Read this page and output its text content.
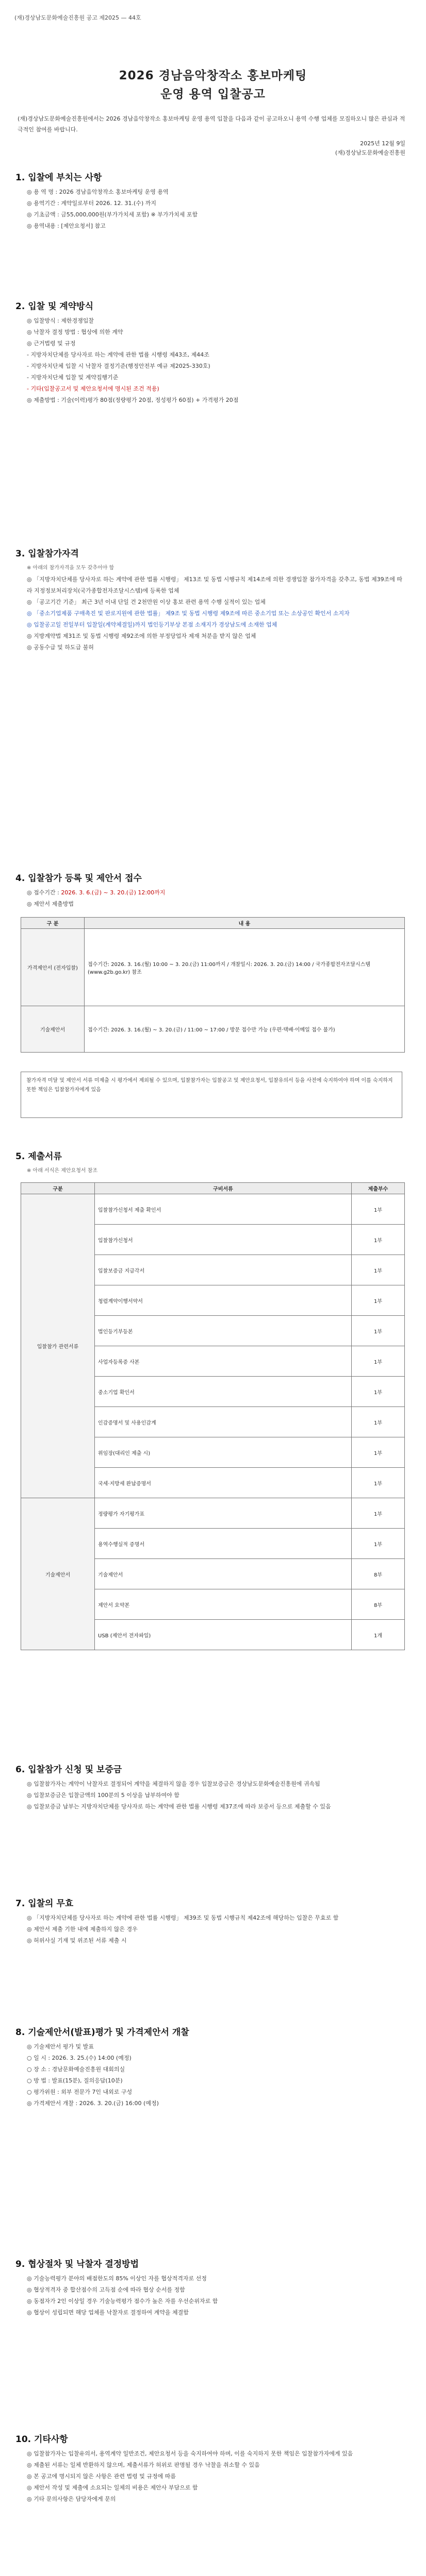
(재)경상남도문화예술진흥원 공고 제2025 — 44호
2026 경남음악창작소 홍보마케팅
운영 용역 입찰공고
(재)경상남도문화예술진흥원에서는 2026 경남음악창작소 홍보마케팅 운영 용역 입찰을 다음과 같이 공고하오니 용역 수행 업체를 모집하오니 많은 관심과 적극적인 참여를 바랍니다.
2025년 12월 9일
(재)경상남도문화예술진흥원
1. 입찰에 부치는 사항
◎ 용 역 명 : 2026 경남음악창작소 홍보마케팅 운영 용역
◎ 용역기간 : 계약일로부터 2026. 12. 31.(수) 까지
◎ 기초금액 : 금55,000,000원(부가가치세 포함) ※ 부가가치세 포함
◎ 용역내용 : [제안요청서] 참고
2. 입찰 및 계약방식
◎ 입찰방식 : 제한경쟁입찰
◎ 낙찰자 결정 방법 : 협상에 의한 계약
◎ 근거법령 및 규정
- 지방자치단체를 당사자로 하는 계약에 관한 법률 시행령 제43조, 제44조
- 지방자치단체 입찰 시 낙찰자 결정기준(행정안전부 예규 제2025-330호)
- 지방자치단체 입찰 및 계약집행기준
- 기타(입찰공고서 및 제안요청서에 명시된 조건 적용)
◎ 제출방법 : 기술(이력)평가 80점(정량평가 20점, 정성평가 60점) + 가격평가 20점
3. 입찰참가자격
※ 아래의 참가자격을 모두 갖추어야 함
◎ 「지방자치단체를 당사자로 하는 계약에 관한 법률 시행령」 제13조 및 동법 시행규칙 제14조에 의한 경쟁입찰 참가자격을 갖추고, 동법 제39조에 따라 지정정보처리장치(국가종합전자조달시스템)에 등록한 업체
◎ 「공고기간 기준」 최근 3년 이내 단일 건 2천만원 이상 홍보 관련 용역 수행 실적이 있는 업체
◎ 「중소기업제품 구매촉진 및 판로지원에 관한 법률」 제9조 및 동법 시행령 제9조에 따른 중소기업 또는 소상공인 확인서 소지자
◎ 입찰공고일 전일부터 입찰일(계약체결일)까지 법인등기부상 본점 소재지가 경상남도에 소재한 업체
◎ 지방계약법 제31조 및 동법 시행령 제92조에 의한 부정당업자 제재 처분을 받지 않은 업체
◎ 공동수급 및 하도급 불허
4. 입찰참가 등록 및 제안서 접수
◎ 접수기간 : 2026. 3. 6.(금) ~ 3. 20.(금) 12:00까지
◎ 제안서 제출방법
구 분	내 용
가격제안서 (전자입찰)	접수기간: 2026. 3. 16.(월) 10:00 ~ 3. 20.(금) 11:00까지 / 개찰일시: 2026. 3. 20.(금) 14:00 / 국가종합전자조달시스템(www.g2b.go.kr) 참조
기술제안서	접수기간: 2026. 3. 16.(월) ~ 3. 20.(금) / 11:00 ~ 17:00 / 방문 접수만 가능 (우편·택배·이메일 접수 불가)
참가자격 미달 및 제안서 서류 미제출 시 평가에서 제외될 수 있으며, 입찰참가자는 입찰공고 및 제안요청서, 입찰유의서 등을 사전에 숙지하여야 하며 이를 숙지하지 못한 책임은 입찰참가자에게 있음
5. 제출서류
※ 아래 서식은 제안요청서 참조
구분	구비서류	제출부수
입찰참가 관련서류	입찰참가신청서 제출 확인서	1부
	입찰참가신청서	1부
	입찰보증금 지급각서	1부
	청렴계약이행서약서	1부
	법인등기부등본	1부
	사업자등록증 사본	1부
	중소기업 확인서	1부
	인감증명서 및 사용인감계	1부
	위임장(대리인 제출 시)	1부
	국세·지방세 완납증명서	1부
기술제안서	정량평가 자기평가표	1부
	용역수행실적 증명서	1부
	기술제안서	8부
	제안서 요약본	8부
	USB (제안서 전자파일)	1개
6. 입찰참가 신청 및 보증금
◎ 입찰참가자는 계약이 낙찰자로 결정되어 계약을 체결하지 않을 경우 입찰보증금은 경상남도문화예술진흥원에 귀속됨
◎ 입찰보증금은 입찰금액의 100분의 5 이상을 납부하여야 함
◎ 입찰보증금 납부는 지방자치단체를 당사자로 하는 계약에 관한 법률 시행령 제37조에 따라 보증서 등으로 제출할 수 있음
7. 입찰의 무효
◎ 「지방자치단체를 당사자로 하는 계약에 관한 법률 시행령」 제39조 및 동법 시행규칙 제42조에 해당하는 입찰은 무효로 함
◎ 제안서 제출 기한 내에 제출하지 않은 경우
◎ 허위사실 기재 및 위조된 서류 제출 시
8. 기술제안서(발표)평가 및 가격제안서 개찰
◎ 기술제안서 평가 및 발표
○ 일 시 : 2026. 3. 25.(수) 14:00 (예정)
○ 장 소 : 경남문화예술진흥원 대회의실
○ 방 법 : 발표(15분), 질의응답(10분)
○ 평가위원 : 외부 전문가 7인 내외로 구성
◎ 가격제안서 개찰 : 2026. 3. 20.(금) 16:00 (예정)
9. 협상절차 및 낙찰자 결정방법
◎ 기술능력평가 분야의 배점한도의 85% 이상인 자를 협상적격자로 선정
◎ 협상적격자 중 합산점수의 고득점 순에 따라 협상 순서를 정함
◎ 동점자가 2인 이상일 경우 기술능력평가 점수가 높은 자를 우선순위자로 함
◎ 협상이 성립되면 해당 업체를 낙찰자로 결정하여 계약을 체결함
10. 기타사항
◎ 입찰참가자는 입찰유의서, 용역계약 일반조건, 제안요청서 등을 숙지하여야 하며, 이를 숙지하지 못한 책임은 입찰참가자에게 있음
◎ 제출된 서류는 일체 반환하지 않으며, 제출서류가 허위로 판명될 경우 낙찰을 취소할 수 있음
◎ 본 공고에 명시되지 않은 사항은 관련 법령 및 규정에 따름
◎ 제안서 작성 및 제출에 소요되는 일체의 비용은 제안사 부담으로 함
◎ 기타 문의사항은 담당자에게 문의
